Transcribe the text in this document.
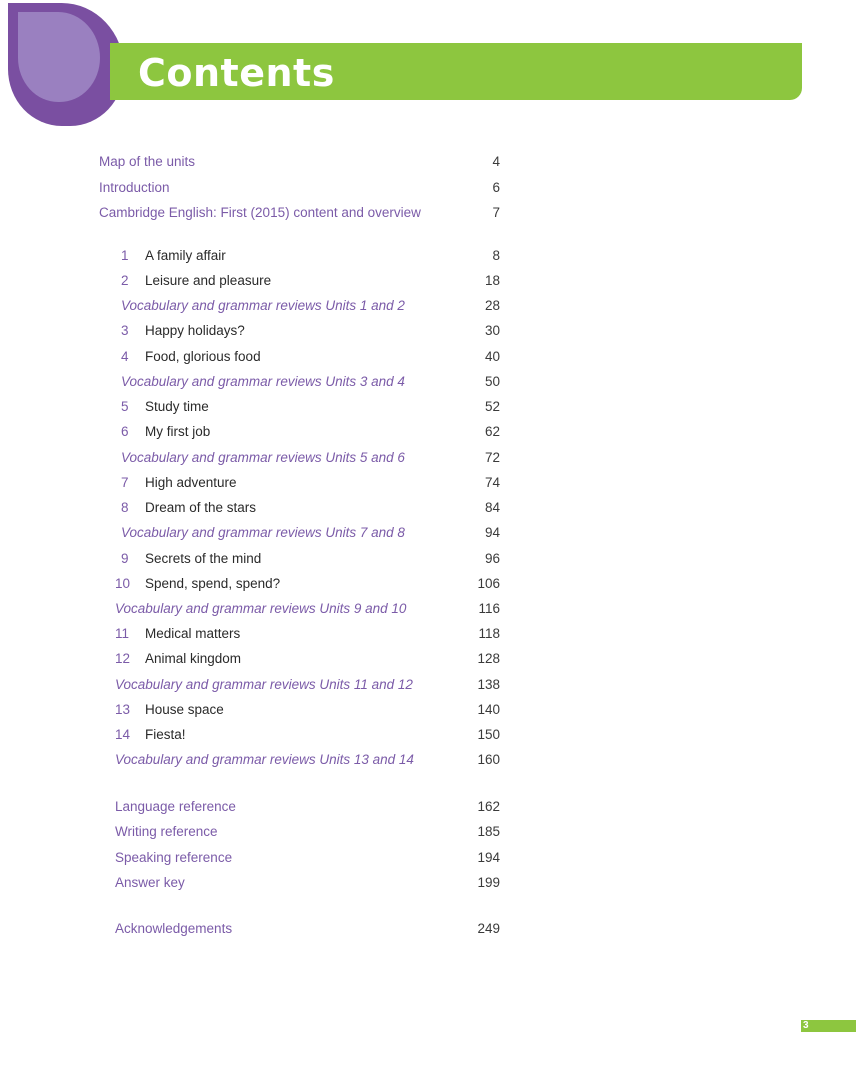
Contents
Map of the units	4
Introduction	6
Cambridge English: First (2015) content and overview	7
1 A family affair	8
2 Leisure and pleasure	18
Vocabulary and grammar reviews Units 1 and 2	28
3 Happy holidays?	30
4 Food, glorious food	40
Vocabulary and grammar reviews Units 3 and 4	50
5 Study time	52
6 My first job	62
Vocabulary and grammar reviews Units 5 and 6	72
7 High adventure	74
8 Dream of the stars	84
Vocabulary and grammar reviews Units 7 and 8	94
9 Secrets of the mind	96
10 Spend, spend, spend?	106
Vocabulary and grammar reviews Units 9 and 10	116
11 Medical matters	118
12 Animal kingdom	128
Vocabulary and grammar reviews Units 11 and 12	138
13 House space	140
14 Fiesta!	150
Vocabulary and grammar reviews Units 13 and 14	160
Language reference	162
Writing reference	185
Speaking reference	194
Answer key	199
Acknowledgements	249
3
